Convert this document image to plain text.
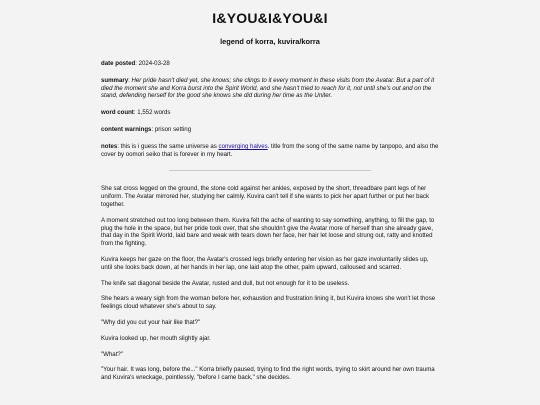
I&YOU&I&YOU&I
legend of korra, kuvira/korra
date posted: 2024-03-28
summary: Her pride hasn't died yet, she knows; she clings to it every moment in these visits from the Avatar. But a part of it died the moment she and Korra burst into the Spirit World, and she hasn't tried to reach for it, not until she's out and on the stand, defending herself for the good she knows she did during her time as the Uniter.
word count: 1,552 words
content warnings: prison setting
notes: this is i guess the same universe as converging halves. title from the song of the same name by tanpopo, and also the cover by oomori seiko that is forever in my heart.
She sat cross legged on the ground, the stone cold against her ankles, exposed by the short, threadbare pant legs of her uniform. The Avatar mirrored her, studying her calmly. Kuvira can't tell if she wants to pick her apart further or put her back together.
A moment stretched out too long between them. Kuvira felt the ache of wanting to say something, anything, to fill the gap, to plug the hole in the space, but her pride took over, that she shouldn't give the Avatar more of herself than she already gave, that day in the Spirit World, laid bare and weak with tears down her face, her hair let loose and strung out, ratty and knotted from the fighting.
Kuvira keeps her gaze on the floor, the Avatar's crossed legs briefly entering her vision as her gaze involuntarily slides up, until she looks back down, at her hands in her lap, one laid atop the other, palm upward, calloused and scarred.
The knife sat diagonal beside the Avatar, rusted and dull, but not enough for it to be useless.
She hears a weary sigh from the woman before her, exhaustion and frustration lining it, but Kuvira knows she won't let those feelings cloud whatever she's about to say.
"Why did you cut your hair like that?"
Kuvira looked up, her mouth slightly ajar.
"What?"
"Your hair. It was long, before the..." Korra briefly paused, trying to find the right words, trying to skirt around her own trauma and Kuvira's wreckage, pointlessly, "before I came back," she decides.
